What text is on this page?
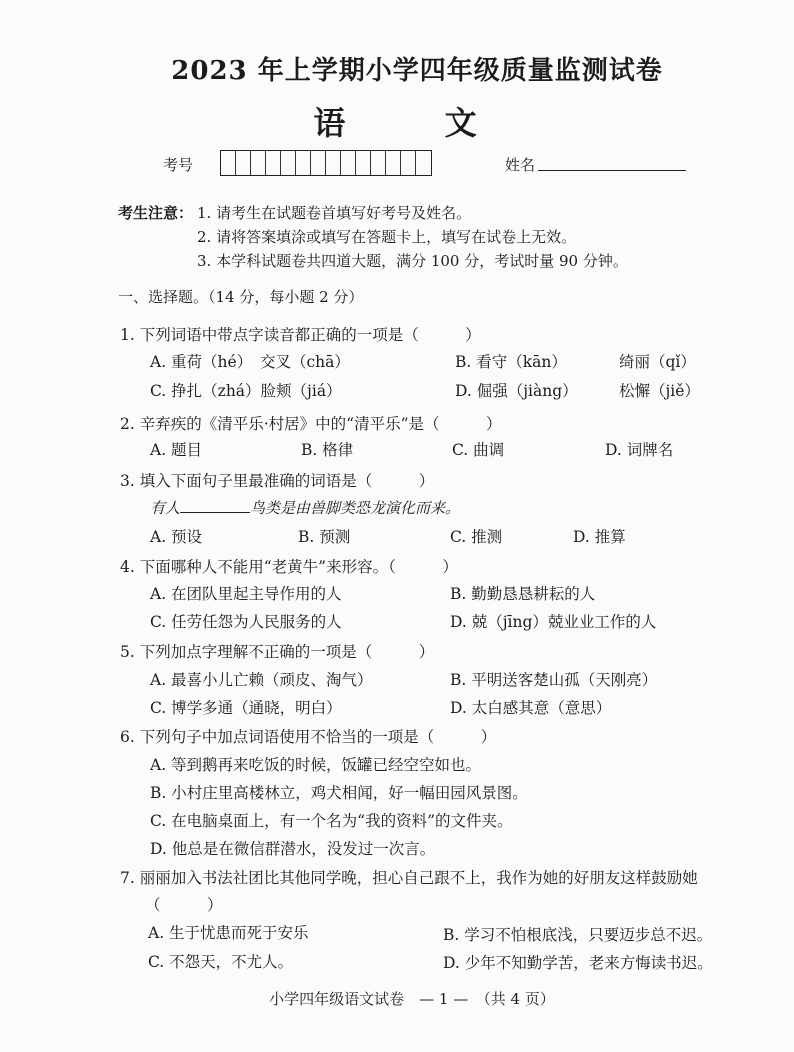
2023 年上学期小学四年级质量监测试卷
语 文
考号	姓名
考生注意： 1. 请考生在试题卷首填写好考号及姓名。
2. 请将答案填涂或填写在答题卡上，填写在试卷上无效。
3. 本学科试题卷共四道大题，满分 100 分，考试时量 90 分钟。
一、选择题。（14 分，每小题 2 分）
1. 下列词语中带点字读音都正确的一项是（　　　）
A. 重荷（hé）　交叉（chā）	B. 看守（kān）	绮丽（qǐ）
C. 挣扎（zhá）脸颊（jiá）	D. 倔强（jiàng）	松懈（jiě）
2. 辛弃疾的《清平乐·村居》中的“清平乐”是（　　　）
A. 题目	B. 格律	C. 曲调	D. 词牌名
3. 填入下面句子里最准确的词语是（　　　）
有人	鸟类是由兽脚类恐龙演化而来。
A. 预设	B. 预测	C. 推测	D. 推算
4. 下面哪种人不能用“老黄牛”来形容。（　　　）
A. 在团队里起主导作用的人	B. 勤勤恳恳耕耘的人
C. 任劳任怨为人民服务的人	D. 兢（jīng）兢业业工作的人
5. 下列加点字理解不正确的一项是（　　　）
A. 最喜小儿亡赖（顽皮、淘气）	B. 平明送客楚山孤（天刚亮）
C. 博学多通（通晓，明白）	D. 太白感其意（意思）
6. 下列句子中加点词语使用不恰当的一项是（　　　）
A. 等到鹅再来吃饭的时候，饭罐已经空空如也。
B. 小村庄里高楼林立，鸡犬相闻，好一幅田园风景图。
C. 在电脑桌面上，有一个名为“我的资料”的文件夹。
D. 他总是在微信群潜水，没发过一次言。
7. 丽丽加入书法社团比其他同学晚，担心自己跟不上，我作为她的好朋友这样鼓励她
（　　　）
A. 生于忧患而死于安乐	B. 学习不怕根底浅，只要迈步总不迟。
C. 不怨天，不尤人。	D. 少年不知勤学苦，老来方悔读书迟。
小学四年级语文试卷　— 1 —　（共 4 页）
